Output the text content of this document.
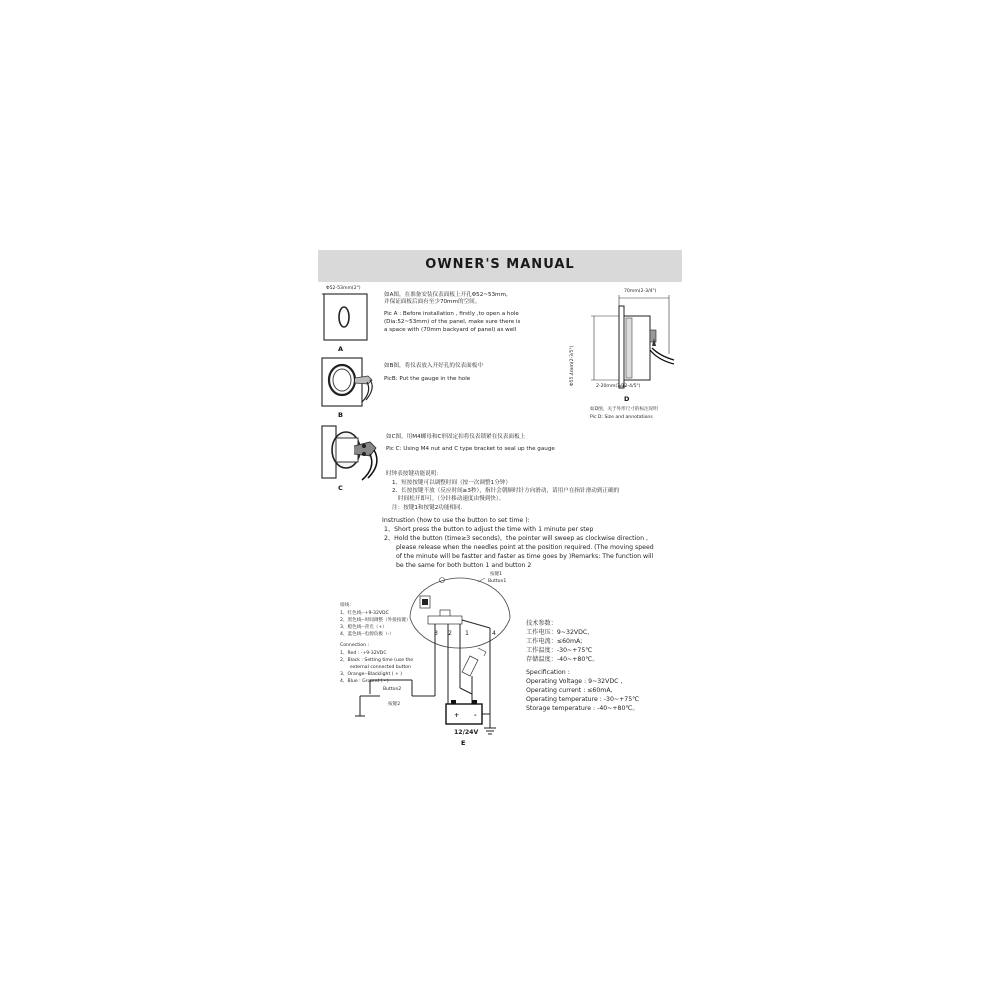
OWNER'S MANUAL
Φ52-53mm(2")
A
如A图，在准备安装仪表面板上开孔Φ52~53mm,
并保证面板后面有至少70mm的空间。
Pic A : Before installation , firstly ,to open a hole
(Dia:52~53mm) of the panel, make sure there is
a space with (70mm backyard of panel) as well
B
如B图，将仪表放入开好孔的仪表面板中
PicB: Put the gauge in the hole
C
如C图，用M4螺母和C形固定扣将仪表锁紧在仪表面板上
Pic C: Using M4 nut and C type bracket to seal up the gauge
70mm(2-3/4")
Φ55.4mm(2-3/5")
2-20mm(1/12-4/5")
D
如D图，关于外形尺寸的标注说明
Pic D: Size and annotations
时钟表按键功能说明：
1、短按按键可以调整时间（按一次调整1分钟）
2、长按按键不放（反应时间≥3秒），指针会朝顺时针方向滑动，请用户在指针滑动到正确的
时间松开即可。（分针移动速度由慢到快）。
注：按键1和按键2功能相同.
Instrustion (how to use the button to set time ):
1、Short press the button to adjust the time with 1 minute per step
2、Hold the button (time≥3 seconds)，the pointer will sweep as clockwise direction ,
please release when the needles point at the position required. (The moving speed
of the minute will be fastter and faster as time goes by )Remarks: The function will
be the same for both button 1 and button 2
按键1
Button1
3 2 1	4
Button2
按键2
+ -
12/24V
E
接线：
1、红色线--+9-32VDC
2、黑色线--时间调整（外接按键）
3、橙色线--背光（+）
4、蓝色线--电源负极（-）
Connection :
1、Red : -+9-32VDC
2、Black : Setting time (use the
external connected button
3、Orange--Blacklight ( + )
4、Blue : Ground ( - )
技术参数：
工作电压：9~32VDC，
工作电流：≤60mA;
工作温度：-30~+75℃
存储温度：-40~+80℃。
Specification :
Operating Voltage : 9~32VDC ,
Operating current : ≤60mA,
Operating temperature : -30~+75℃
Storage temperature : -40~+80℃。
